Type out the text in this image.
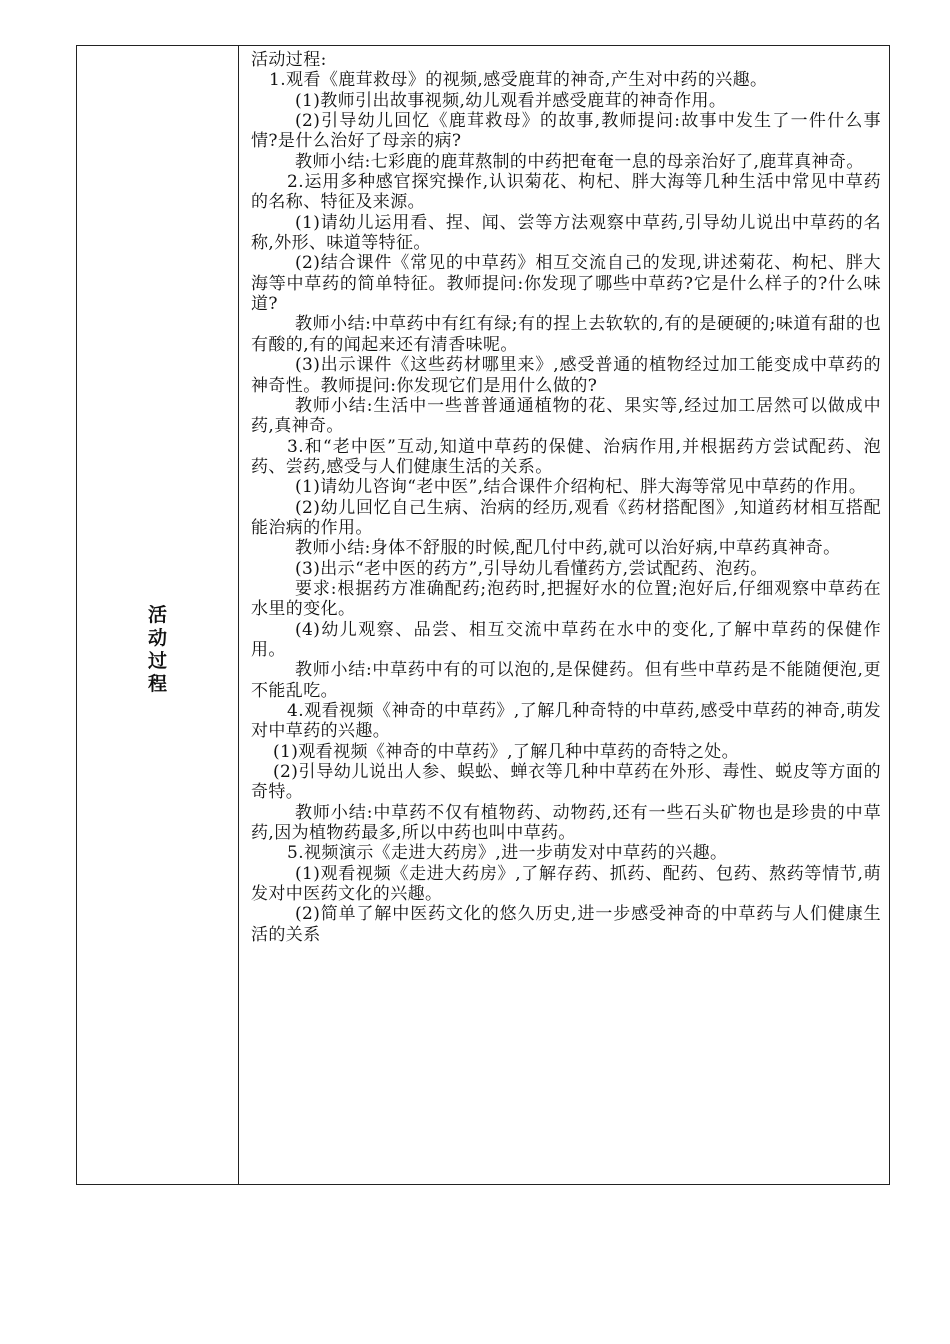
活
动
过
程

活动过程:

1.观看《鹿茸救母》的视频,感受鹿茸的神奇,产生对中药的兴趣。

(1)教师引出故事视频,幼儿观看并感受鹿茸的神奇作用。

(2)引导幼儿回忆《鹿茸救母》的故事,教师提问:故事中发生了一件什么事情?是什么治好了母亲的病?

教师小结:七彩鹿的鹿茸熬制的中药把奄奄一息的母亲治好了,鹿茸真神奇。

2.运用多种感官探究操作,认识菊花、枸杞、胖大海等几种生活中常见中草药的名称、特征及来源。

(1)请幼儿运用看、捏、闻、尝等方法观察中草药,引导幼儿说出中草药的名称,外形、味道等特征。

(2)结合课件《常见的中草药》相互交流自己的发现,讲述菊花、枸杞、胖大海等中草药的简单特征。教师提问:你发现了哪些中草药?它是什么样子的?什么味道?

教师小结:中草药中有红有绿;有的捏上去软软的,有的是硬硬的;味道有甜的也有酸的,有的闻起来还有清香味呢。

(3)出示课件《这些药材哪里来》,感受普通的植物经过加工能变成中草药的神奇性。教师提问:你发现它们是用什么做的?

教师小结:生活中一些普普通通植物的花、果实等,经过加工居然可以做成中药,真神奇。

3.和“老中医”互动,知道中草药的保健、治病作用,并根据药方尝试配药、泡药、尝药,感受与人们健康生活的关系。

(1)请幼儿咨询“老中医”,结合课件介绍枸杞、胖大海等常见中草药的作用。

(2)幼儿回忆自己生病、治病的经历,观看《药材搭配图》,知道药材相互搭配能治病的作用。

教师小结:身体不舒服的时候,配几付中药,就可以治好病,中草药真神奇。

(3)出示“老中医的药方”,引导幼儿看懂药方,尝试配药、泡药。

要求:根据药方准确配药;泡药时,把握好水的位置;泡好后,仔细观察中草药在水里的变化。

(4)幼儿观察、品尝、相互交流中草药在水中的变化,了解中草药的保健作用。

教师小结:中草药中有的可以泡的,是保健药。但有些中草药是不能随便泡,更不能乱吃。

4.观看视频《神奇的中草药》,了解几种奇特的中草药,感受中草药的神奇,萌发对中草药的兴趣。

(1)观看视频《神奇的中草药》,了解几种中草药的奇特之处。

(2)引导幼儿说出人参、蜈蚣、蝉衣等几种中草药在外形、毒性、蜕皮等方面的奇特。

教师小结:中草药不仅有植物药、动物药,还有一些石头矿物也是珍贵的中草药,因为植物药最多,所以中药也叫中草药。

5.视频演示《走进大药房》,进一步萌发对中草药的兴趣。

(1)观看视频《走进大药房》,了解存药、抓药、配药、包药、熬药等情节,萌发对中医药文化的兴趣。

(2)简单了解中医药文化的悠久历史,进一步感受神奇的中草药与人们健康生活的关系
